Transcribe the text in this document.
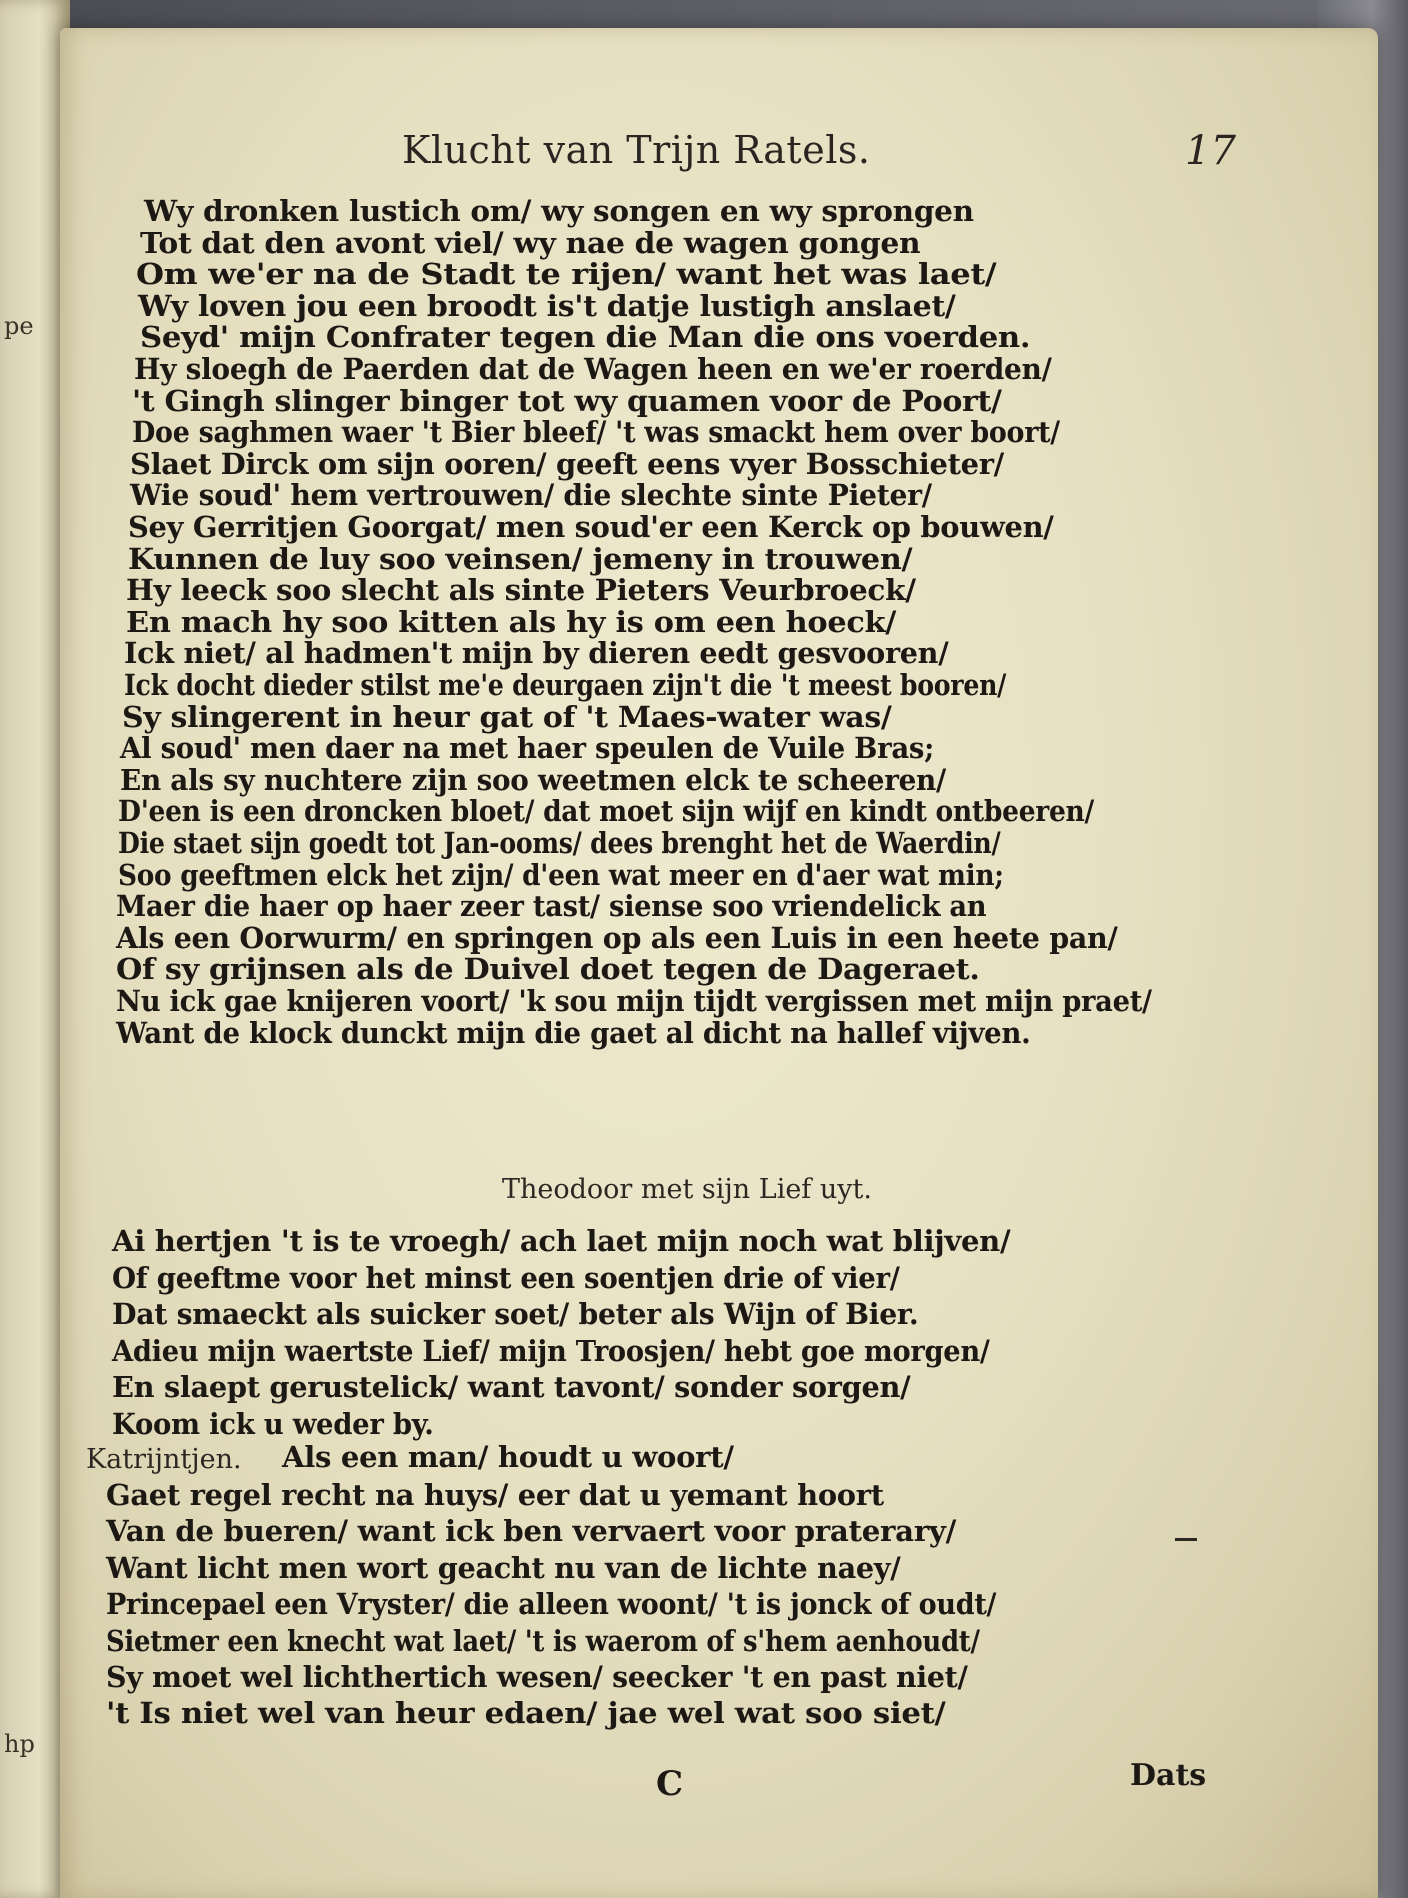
pe
hp
Klucht van Trijn Ratels.	17
Wy dronken lustich om/ wy songen en wy sprongen
Tot dat den avont viel/ wy nae de wagen gongen
Om we'er na de Stadt te rijen/ want het was laet/
Wy loven jou een broodt is't datje lustigh anslaet/
Seyd' mijn Confrater tegen die Man die ons voerden.
Hy sloegh de Paerden dat de Wagen heen en we'er roerden/
't Gingh slinger binger tot wy quamen voor de Poort/
Doe saghmen waer 't Bier bleef/ 't was smackt hem over boort/
Slaet Dirck om sijn ooren/ geeft eens vyer Bosschieter/
Wie soud' hem vertrouwen/ die slechte sinte Pieter/
Sey Gerritjen Goorgat/ men soud'er een Kerck op bouwen/
Kunnen de luy soo veinsen/ jemeny in trouwen/
Hy leeck soo slecht als sinte Pieters Veurbroeck/
En mach hy soo kitten als hy is om een hoeck/
Ick niet/ al hadmen't mijn by dieren eedt gesvooren/
Ick docht dieder stilst me'e deurgaen zijn't die 't meest booren/
Sy slingerent in heur gat of 't Maes-water was/
Al soud' men daer na met haer speulen de Vuile Bras;
En als sy nuchtere zijn soo weetmen elck te scheeren/
D'een is een droncken bloet/ dat moet sijn wijf en kindt ontbeeren/
Die staet sijn goedt tot Jan-ooms/ dees brenght het de Waerdin/
Soo geeftmen elck het zijn/ d'een wat meer en d'aer wat min;
Maer die haer op haer zeer tast/ siense soo vriendelick an
Als een Oorwurm/ en springen op als een Luis in een heete pan/
Of sy grijnsen als de Duivel doet tegen de Dageraet.
Nu ick gae knijeren voort/ 'k sou mijn tijdt vergissen met mijn praet/
Want de klock dunckt mijn die gaet al dicht na hallef vijven.
Ai hertjen 't is te vroegh/ ach laet mijn noch wat blijven/
Of geeftme voor het minst een soentjen drie of vier/
Dat smaeckt als suicker soet/ beter als Wijn of Bier.
Adieu mijn waertste Lief/ mijn Troosjen/ hebt goe morgen/
En slaept gerustelick/ want tavont/ sonder sorgen/
Koom ick u weder by.
Als een man/ houdt u woort/
Gaet regel recht na huys/ eer dat u yemant hoort
Van de bueren/ want ick ben vervaert voor praterary/
Want licht men wort geacht nu van de lichte naey/
Princepael een Vryster/ die alleen woont/ 't is jonck of oudt/
Sietmer een knecht wat laet/ 't is waerom of s'hem aenhoudt/
Sy moet wel lichthertich wesen/ seecker 't en past niet/
't Is niet wel van heur edaen/ jae wel wat soo siet/
Theodoor met sijn Lief uyt.
Katrijntjen.
C	Dats
